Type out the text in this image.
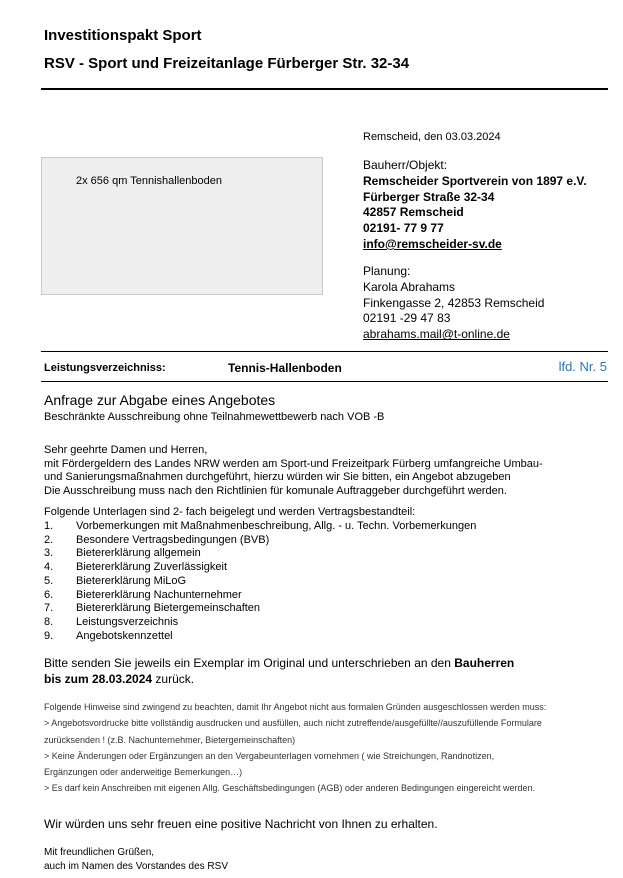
Investitionspakt Sport
RSV - Sport und Freizeitanlage Fürberger Str. 32-34
Remscheid, den 03.03.2024
2x 656 qm Tennishallenboden
Bauherr/Objekt:
Remscheider Sportverein von 1897 e.V.
Fürberger Straße 32-34
42857 Remscheid
02191- 77 9 77
info@remscheider-sv.de
Planung:
Karola Abrahams
Finkengasse 2, 42853 Remscheid
02191 -29 47 83
abrahams.mail@t-online.de
Leistungsverzeichniss:	Tennis-Hallenboden	lfd. Nr. 5
Anfrage zur Abgabe eines Angebotes
Beschränkte Ausschreibung ohne Teilnahmewettbewerb nach VOB -B
Sehr geehrte Damen und Herren,
mit Fördergeldern des Landes NRW werden am Sport-und Freizeitpark Fürberg umfangreiche Umbau-
und Sanierungsmaßnahmen durchgeführt, hierzu würden wir Sie bitten, ein Angebot abzugeben
Die Ausschreibung muss nach den Richtlinien für komunale Auftraggeber durchgeführt werden.
Folgende Unterlagen sind 2- fach beigelegt und werden Vertragsbestandteil:
1.	Vorbemerkungen mit Maßnahmenbeschreibung, Allg. - u. Techn. Vorbemerkungen
2.	Besondere Vertragsbedingungen (BVB)
3.	Bietererklärung allgemein
4.	Bietererklärung Zuverlässigkeit
5.	Bietererklärung MiLoG
6.	Bietererklärung Nachunternehmer
7.	Bietererklärung Bietergemeinschaften
8.	Leistungsverzeichnis
9.	Angebotskennzettel
Bitte senden Sie jeweils ein Exemplar im Original und unterschrieben an den Bauherren
bis zum 28.03.2024 zurück.
Folgende Hinweise sind zwingend zu beachten, damit Ihr Angebot nicht aus formalen Gründen ausgeschlossen werden muss:
> Angebotsvordrucke bitte vollständig ausdrucken und ausfüllen, auch nicht zutreffende/ausgefüllte//auszufüllende Formulare
zurücksenden ! (z.B. Nachunternehmer, Bietergemeinschaften)
> Keine Änderungen oder Ergänzungen an den Vergabeunterlagen vornehmen ( wie Streichungen, Randnotizen,
Ergänzungen oder anderweitige Bemerkungen…)
> Es darf kein Anschreiben mit eigenen Allg. Geschäftsbedingungen (AGB) oder anderen Bedingungen eingereicht werden.
Wir würden uns sehr freuen eine positive Nachricht von Ihnen zu erhalten.
Mit freundlichen Grüßen,
auch im Namen des Vorstandes des RSV
